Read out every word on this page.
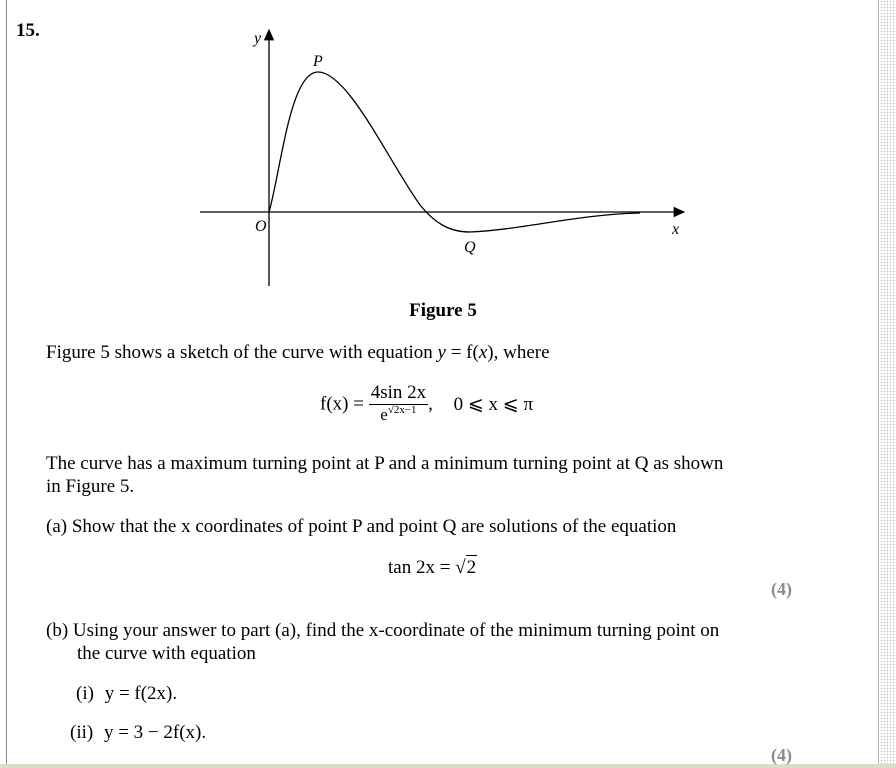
15.	y
x
O
P
Q
Figure 5
Figure 5 shows a sketch of the curve with equation y = f(x), where
$f(x) = \frac{4\sin 2x}{e^{√2x-1}}$ , 0 ⩽ x ⩽ π
The curve has a maximum turning point at P and a minimum turning point at Q as shown
in Figure 5.
(a) Show that the x coordinates of point P and point Q are solutions of the equation
tan 2x = √2
(4)
(b) Using your answer to part (a), find the x-coordinate of the minimum turning point on
the curve with equation
(i) y = f(2x).
(ii) y = 3 − 2f(x).
(4)
